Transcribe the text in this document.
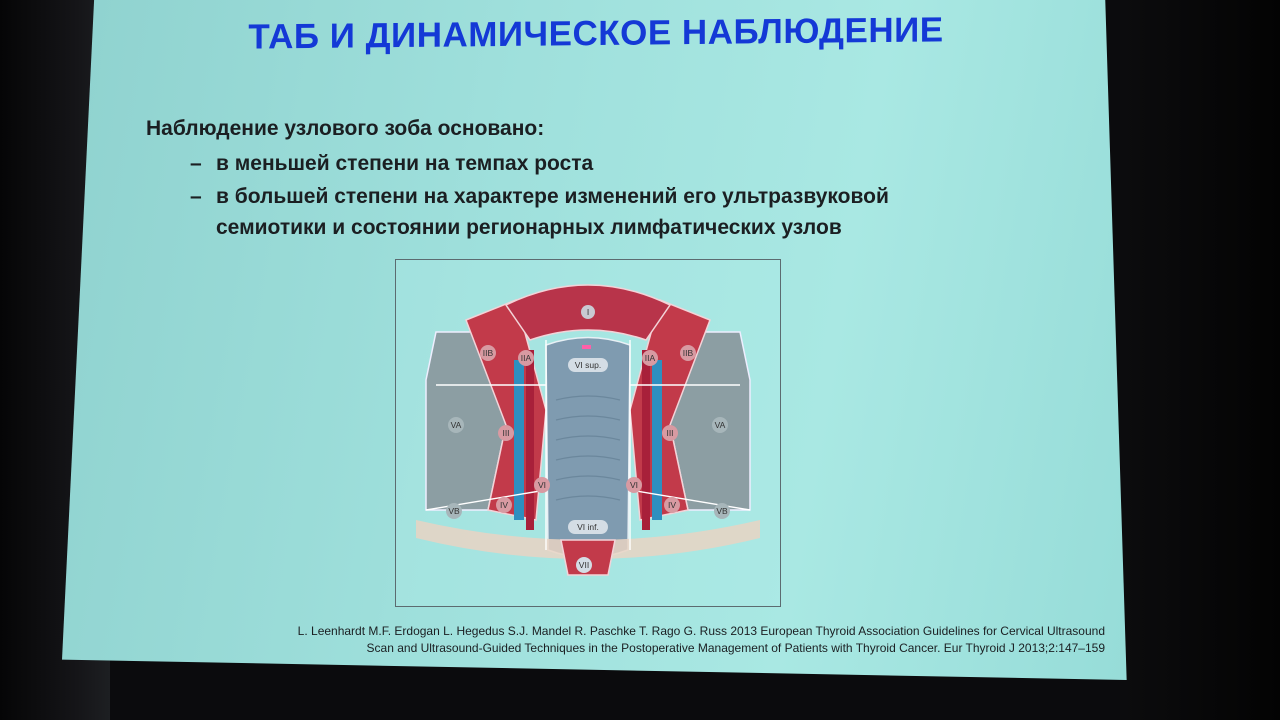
ТАБ И ДИНАМИЧЕСКОЕ НАБЛЮДЕНИЕ
Наблюдение узлового зоба основано:
– в меньшей степени на темпах роста
– в большей степени на характере изменений его ультразвуковой
семиотики и состоянии регионарных лимфатических узлов
I
IIB	IIA	IIA	IIB
VI sup.
VA	VA
III	III
VI	VI
IV	IV
VB	VB
VI inf.
VII
L. Leenhardt M.F. Erdogan L. Hegedus S.J. Mandel R. Paschke T. Rago G. Russ 2013 European Thyroid Association Guidelines for Cervical Ultrasound
Scan and Ultrasound-Guided Techniques in the Postoperative Management of Patients with Thyroid Cancer. Eur Thyroid J 2013;2:147–159
